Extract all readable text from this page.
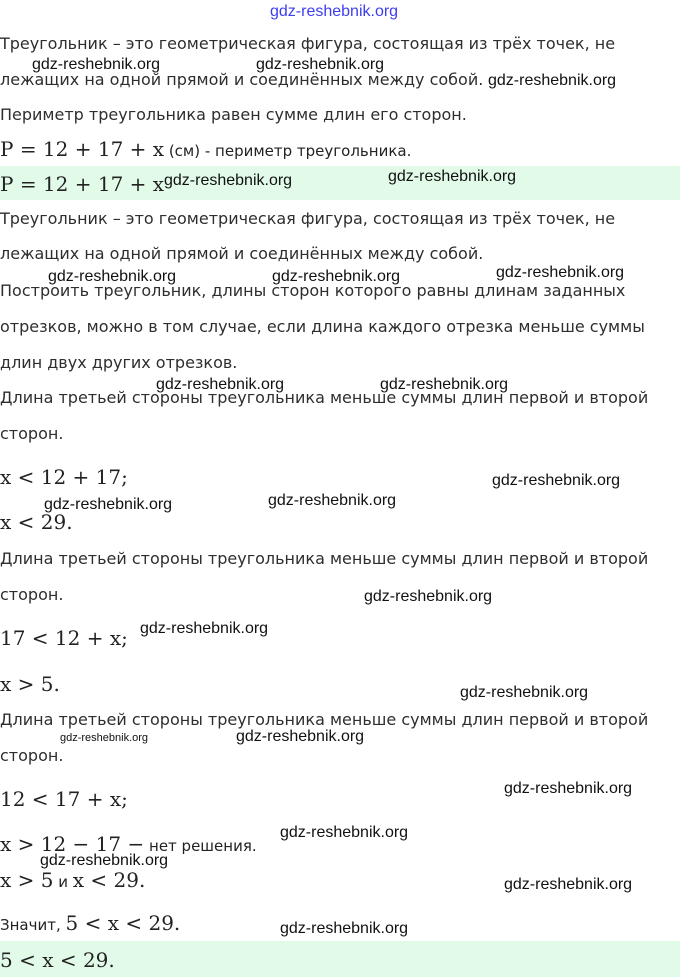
gdz-reshebnik.org
Треугольник – это геометрическая фигура, состоящая из трёх точек, не
лежащих на одной прямой и соединённых между собой.
Периметр треугольника равен сумме длин его сторон.
P = 12 + 17 + x (см) - периметр треугольника.
P = 12 + 17 + x
Треугольник – это геометрическая фигура, состоящая из трёх точек, не
лежащих на одной прямой и соединённых между собой.
Построить треугольник, длины сторон которого равны длинам заданных
отрезков, можно в том случае, если длина каждого отрезка меньше суммы
длин двух других отрезков.
Длина третьей стороны треугольника меньше суммы длин первой и второй
сторон.
x < 12 + 17;
x < 29.
Длина третьей стороны треугольника меньше суммы длин первой и второй
сторон.
17 < 12 + x;
x > 5.
Длина третьей стороны треугольника меньше суммы длин первой и второй
сторон.
12 < 17 + x;
x > 12 − 17 − нет решения.
x > 5 и x < 29.
Значит, 5 < x < 29.
5 < x < 29.
gdz-reshebnik.org	gdz-reshebnik.org
gdz-reshebnik.org
gdz-reshebnik.org	gdz-reshebnik.org
gdz-reshebnik.org	gdz-reshebnik.org	gdz-reshebnik.org
gdz-reshebnik.org	gdz-reshebnik.org
gdz-reshebnik.org
gdz-reshebnik.org	gdz-reshebnik.org
gdz-reshebnik.org
gdz-reshebnik.org
gdz-reshebnik.org
gdz-reshebnik.org	gdz-reshebnik.org
gdz-reshebnik.org
gdz-reshebnik.org
gdz-reshebnik.org
gdz-reshebnik.org
gdz-reshebnik.org
